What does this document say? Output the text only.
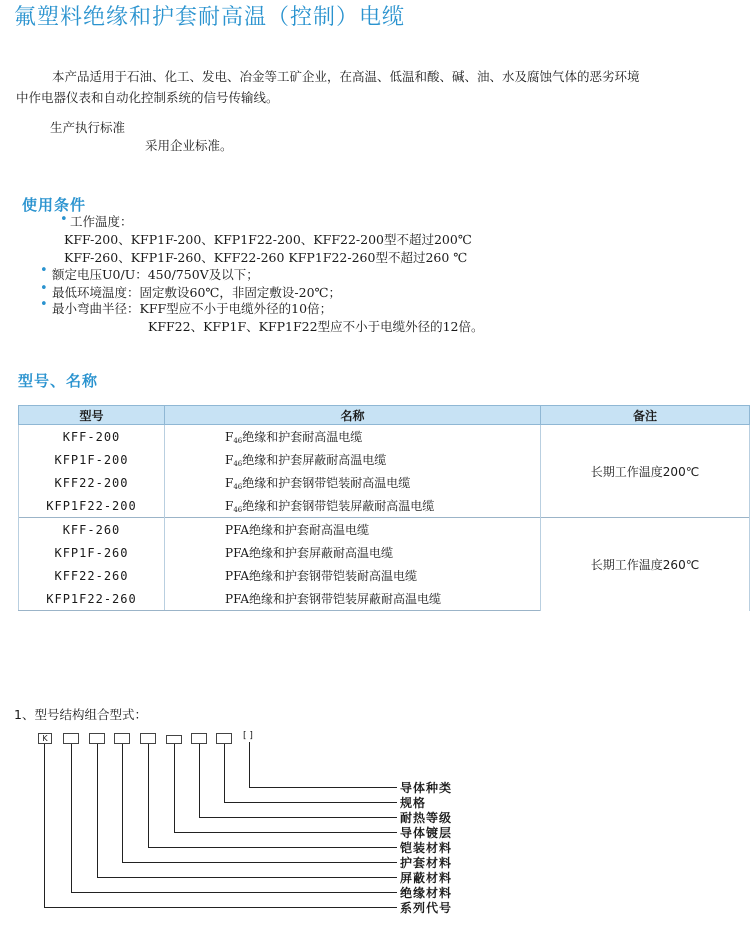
氟塑料绝缘和护套耐高温（控制）电缆
本产品适用于石油、化工、发电、冶金等工矿企业，在高温、低温和酸、碱、油、水及腐蚀气体的恶劣环境
中作电器仪表和自动化控制系统的信号传输线。
生产执行标准
采用企业标准。
使用条件
• 工作温度：
KFF-200、KFP1F-200、KFP1F22-200、KFF22-200型不超过200℃
KFF-260、KFP1F-260、KFF22-260 KFP1F22-260型不超过260 ℃
• 额定电压U0/U：450/750V及以下；
• 最低环境温度：固定敷设60℃，非固定敷设-20℃；
• 最小弯曲半径：KFF型应不小于电缆外径的10倍；
KFF22、KFP1F、KFP1F22型应不小于电缆外径的12倍。
型号、名称
型号	名称	备注
KFF-200	$F_{46}$绝缘和护套耐高温电缆	长期工作温度200℃
KFP1F-200	$F_{46}$绝缘和护套屏蔽耐高温电缆	
KFF22-200	$F_{46}$绝缘和护套钢带铠装耐高温电缆	
KFP1F22-200	$F_{46}$绝缘和护套钢带铠装屏蔽耐高温电缆	
KFF-260	PFA绝缘和护套耐高温电缆	长期工作温度260℃
KFP1F-260	PFA绝缘和护套屏蔽耐高温电缆	
KFF22-260	PFA绝缘和护套钢带铠装耐高温电缆	
KFP1F22-260	PFA绝缘和护套钢带铠装屏蔽耐高温电缆	
1、型号结构组合型式：
K	[ ]
导体种类
规格
耐热等级
导体镀层
铠装材料
护套材料
屏蔽材料
绝缘材料
系列代号
